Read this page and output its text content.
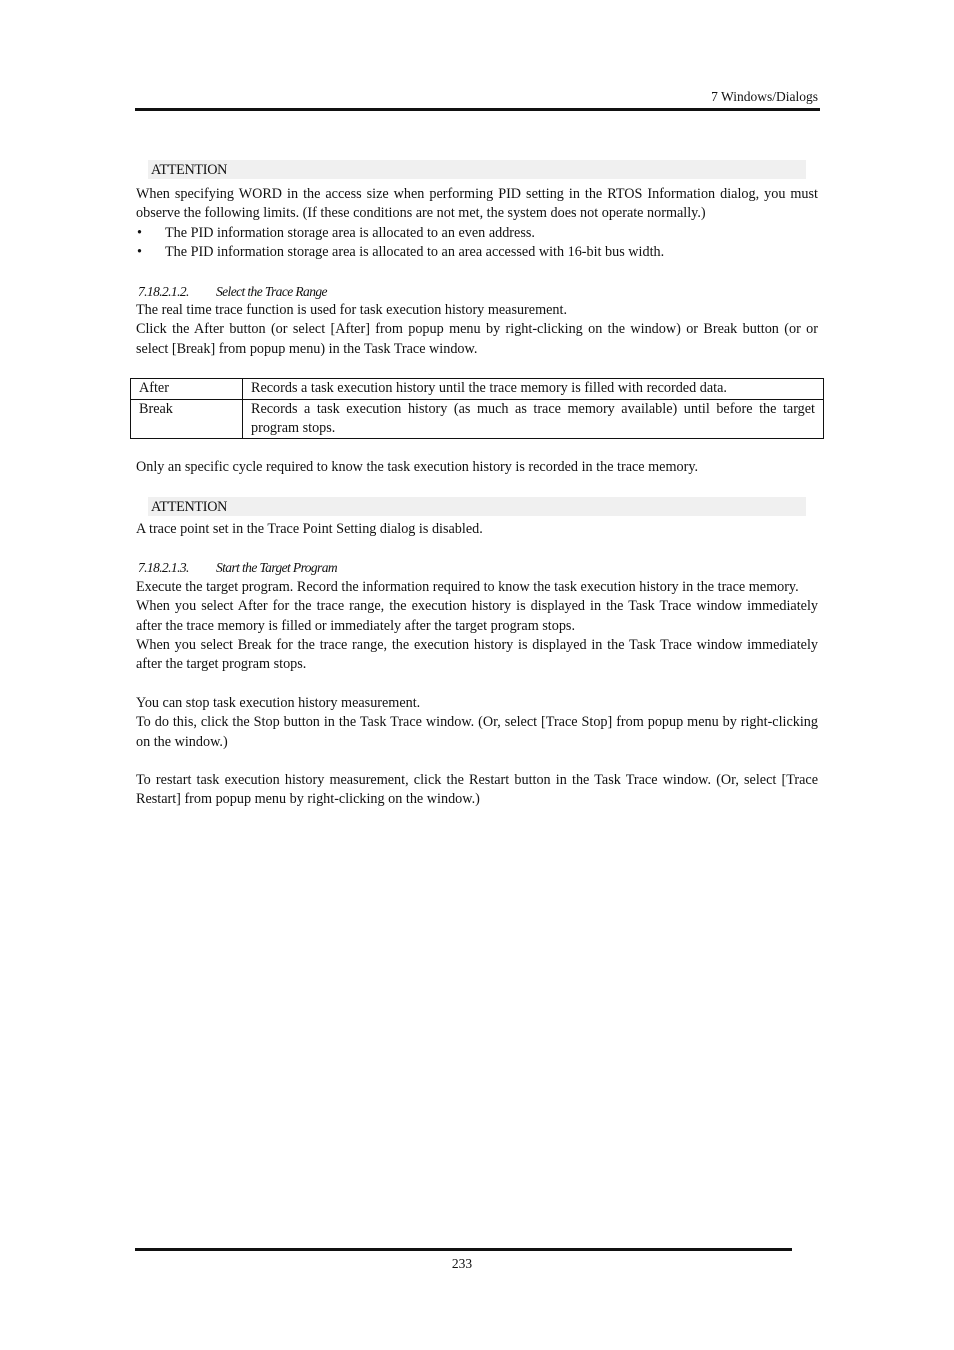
7 Windows/Dialogs
ATTENTION

When specifying WORD in the access size when performing PID setting in the RTOS Information dialog, you must observe the following limits. (If these conditions are not met, the system does not operate normally.)

• The PID information storage area is allocated to an even address.
• The PID information storage area is allocated to an area accessed with 16-bit bus width.
7.18.2.1.2. Select the Trace Range

The real time trace function is used for task execution history measurement.

Click the After button (or select [After] from popup menu by right-clicking on the window) or Break button (or or select [Break] from popup menu) in the Task Trace window.

After	Records a task execution history until the trace memory is filled with recorded data.
Break	Records a task execution history (as much as trace memory available) until before the target program stops.

Only an specific cycle required to know the task execution history is recorded in the trace memory.

ATTENTION

A trace point set in the Trace Point Setting dialog is disabled.

7.18.2.1.3. Start the Target Program

Execute the target program. Record the information required to know the task execution history in the trace memory.

When you select After for the trace range, the execution history is displayed in the Task Trace window immediately after the trace memory is filled or immediately after the target program stops.

When you select Break for the trace range, the execution history is displayed in the Task Trace window immediately after the target program stops.

You can stop task execution history measurement.

To do this, click the Stop button in the Task Trace window. (Or, select [Trace Stop] from popup menu by right-clicking on the window.)

To restart task execution history measurement, click the Restart button in the Task Trace window. (Or, select [Trace Restart] from popup menu by right-clicking on the window.)

233
